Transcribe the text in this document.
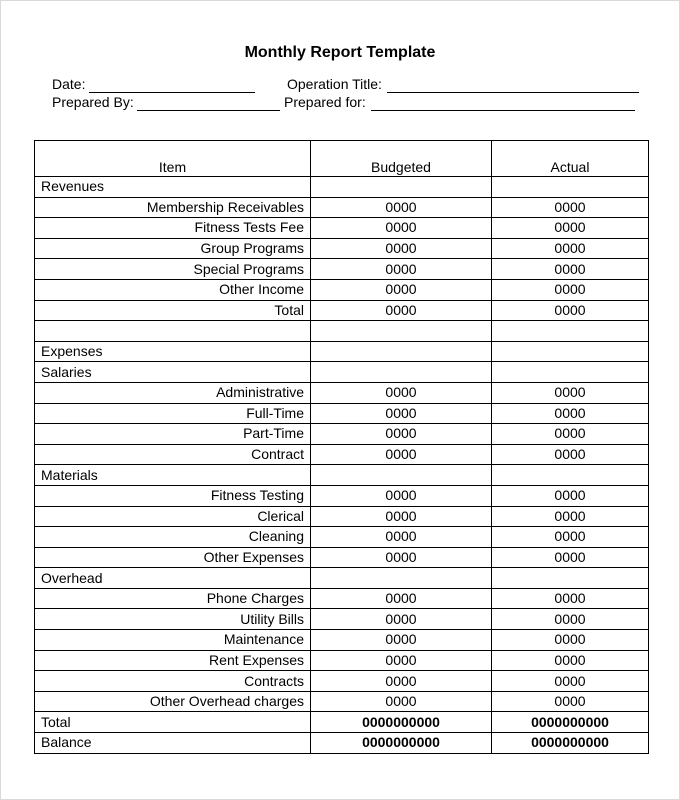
Monthly Report Template
Date:	Operation Title:
Prepared By:	Prepared for:
Item	Budgeted	Actual
Revenues		
Membership Receivables	0000	0000
Fitness Tests Fee	0000	0000
Group Programs	0000	0000
Special Programs	0000	0000
Other Income	0000	0000
Total	0000	0000

Expenses		
Salaries		
Administrative	0000	0000
Full-Time	0000	0000
Part-Time	0000	0000
Contract	0000	0000
Materials		
Fitness Testing	0000	0000
Clerical	0000	0000
Cleaning	0000	0000
Other Expenses	0000	0000
Overhead		
Phone Charges	0000	0000
Utility Bills	0000	0000
Maintenance	0000	0000
Rent Expenses	0000	0000
Contracts	0000	0000
Other Overhead charges	0000	0000
Total	0000000000	0000000000
Balance	0000000000	0000000000
